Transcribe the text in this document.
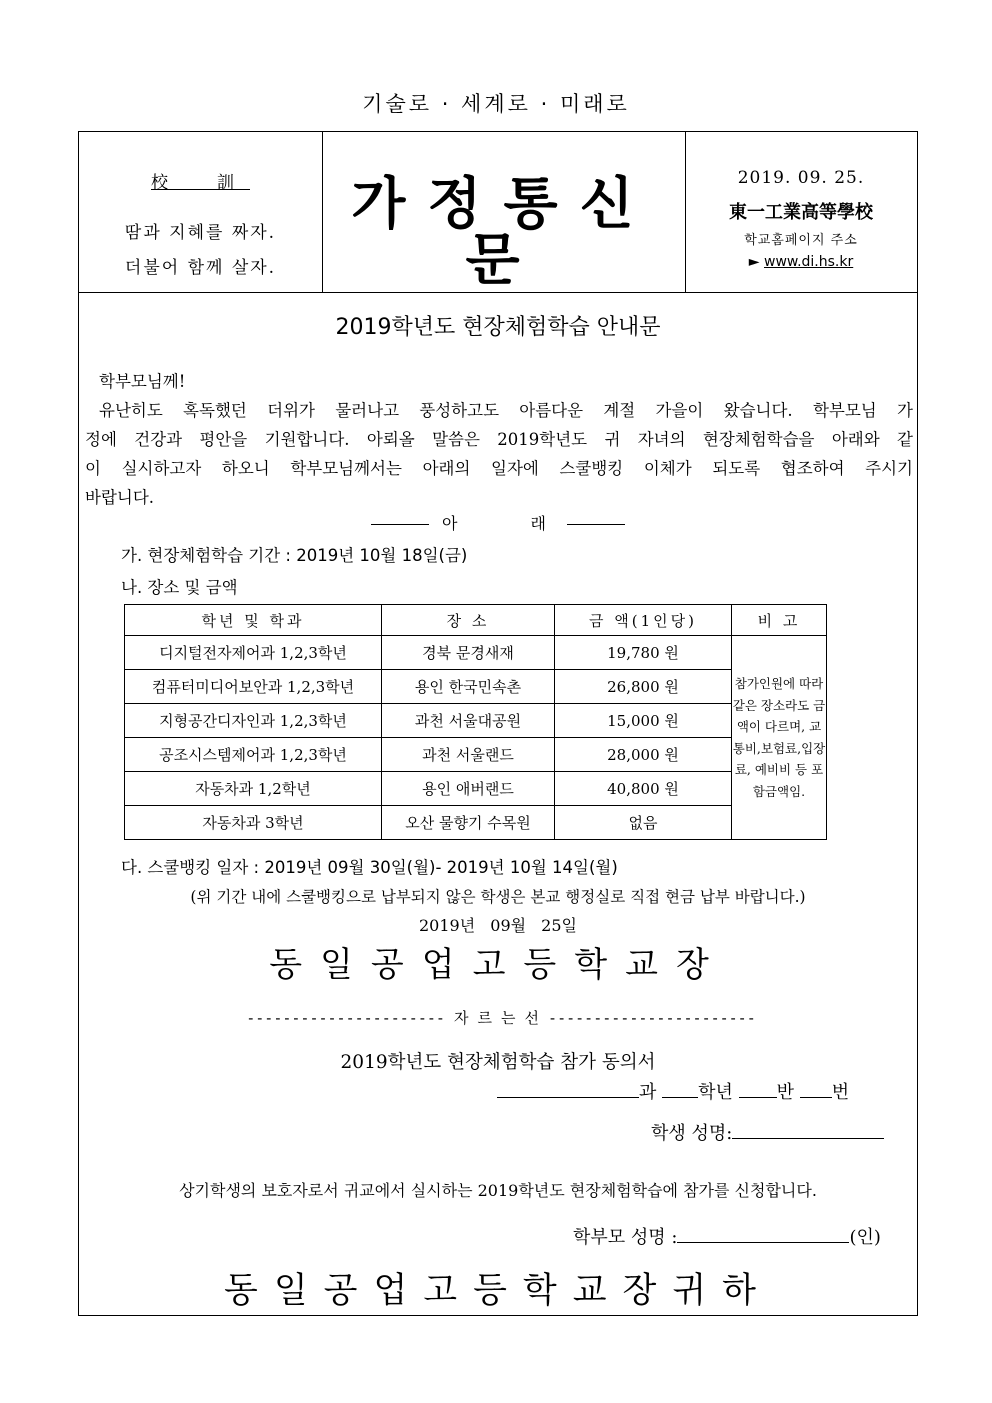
기술로 · 세계로 · 미래로
校　訓
땀과 지혜를 짜자.
더불어 함께 살자.
가정통신문
2019. 09. 25.
東一工業高等學校
학교홈페이지 주소
► www.di.hs.kr
2019학년도 현장체험학습 안내문
학부모님께!
유난히도 혹독했던 더위가 물러나고 풍성하고도 아름다운 계절 가을이 왔습니다. 학부모님 가
정에 건강과 평안을 기원합니다. 아뢰올 말씀은 2019학년도 귀 자녀의 현장체험학습을 아래와 같
이 실시하고자 하오니 학부모님께서는 아래의 일자에 스쿨뱅킹 이체가 되도록 협조하여 주시기
바랍니다.
아 래
가. 현장체험학습 기간 : 2019년 10월 18일(금)
나. 장소 및 금액
학년 및 학과	장 소	금 액(1인당)	비 고
디지털전자제어과 1,2,3학년	경북 문경새재	19,780 원	참가인원에 따라 같은 장소라도 금액이 다르며, 교통비,보험료,입장료, 예비비 등 포함금액임.
컴퓨터미디어보안과 1,2,3학년	용인 한국민속촌	26,800 원	
지형공간디자인과 1,2,3학년	과천 서울대공원	15,000 원	
공조시스템제어과 1,2,3학년	과천 서울랜드	28,000 원	
자동차과 1,2학년	용인 애버랜드	40,800 원	
자동차과 3학년	오산 물향기 수목원	없음	
다. 스쿨뱅킹 일자 : 2019년 09월 30일(월)- 2019년 10월 14일(월)
(위 기간 내에 스쿨뱅킹으로 납부되지 않은 학생은 본교 행정실로 직접 현금 납부 바랍니다.)
2019년 09월 25일
동일공업고등학교장
---------------------- 자 르 는 선 -----------------------
2019학년도 현장체험학습 참가 동의서
과 학년 반 번
학생 성명:
상기학생의 보호자로서 귀교에서 실시하는 2019학년도 현장체험학습에 참가를 신청합니다.
학부모 성명 :	(인)
동일공업고등학교장귀하
